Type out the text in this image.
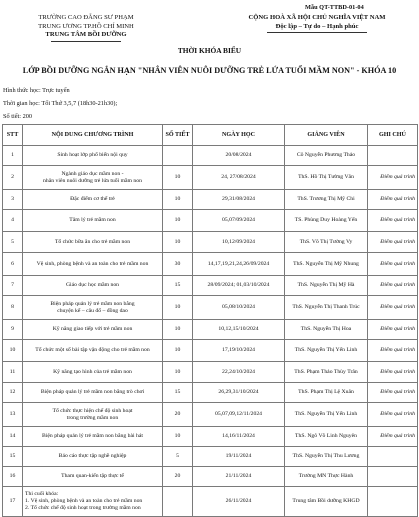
TRƯỜNG CAO ĐẲNG SƯ PHẠM
TRUNG ƯƠNG TP.HỒ CHÍ MINH
TRUNG TÂM BỒI DƯỠNG
Mẫu QT-TTBD-01-04
CỘNG HOÀ XÃ HỘI CHỦ NGHĨA VIỆT NAM
Độc lập – Tự do – Hạnh phúc
THỜI KHÓA BIỂU
LỚP BỒI DƯỠNG NGẮN HẠN "NHÂN VIÊN NUÔI DƯỠNG TRẺ LỨA TUỔI MẦM NON" - KHÓA 10
Hình thức học: Trực tuyến
Thời gian học: Tối Thứ 3,5,7 (18h30-21h30);
Số tiết: 200
STT	NỘI DUNG CHƯƠNG TRÌNH	SỐ TIẾT	NGÀY HỌC	GIẢNG VIÊN	GHI CHÚ
1	Sinh hoạt lớp phổ biến nội quy		20/08/2024	Cô Nguyễn Phương Thảo	

2	Ngành giáo dục mầm non -
nhân viên nuôi dưỡng trẻ lứa tuổi mầm non	10	24, 27/08/2024	ThS. Hồ Thị Tường Vân	Điểm quá trình
3	Đặc điểm cơ thể trẻ	10	29,31/08/2024	ThS. Trương Thị Mỹ Chi	Điểm quá trình
4	Tâm lý trẻ mầm non	10	05,07/09/2024	TS. Phùng Duy Hoàng Yến	Điểm quá trình
5	Tổ chức bữa ăn cho trẻ mầm non	10	10,12/09/2024	ThS. Võ Thị Tường Vy	Điểm quá trình
6	Vệ sinh, phòng bệnh và an toàn cho trẻ mầm non	30	14,17,19,21,24,26/09/2024	ThS. Nguyễn Thị Mỹ Nhung	Điểm quá trình
7	Giáo dục học mầm non	15	28/09/2024; 01,03/10/2024	ThS. Nguyễn Thị Mỹ Hà	Điểm quá trình
8	Biện pháp quản lý trẻ mầm non bằng
chuyện kể – câu đố – đồng dao	10	05,08/10/2024	ThS. Nguyễn Thị Thanh Trúc	Điểm quá trình
9	Kỹ năng giao tiếp với trẻ mầm non	10	10,12,15/10/2024	ThS. Nguyễn Thị Hoa	Điểm quá trình
10	Tổ chức một số bài tập vận động cho trẻ mầm non	10	17,19/10/2024	ThS. Nguyễn Thị Yến Linh	Điểm quá trình
11	Kỹ năng tạo hình của trẻ mầm non	10	22,24/10/2024	ThS. Phạm Thảo Thùy Trân	Điểm quá trình
12	Biện pháp quản lý trẻ mầm non bằng trò chơi	15	26,29,31/10/2024	ThS. Phạm Thị Lệ Xuân	Điểm quá trình
13	Tổ chức thực hiện chế độ sinh hoạt
trong trường mầm non	20	05,07,09,12/11/2024	ThS. Nguyễn Thị Yến Linh	Điểm quá trình
14	Biện pháp quản lý trẻ mầm non bằng bài hát	10	14,16/11/2024	ThS. Ngô Võ Linh Nguyên	Điểm quá trình
15	Báo cáo thực tập nghề nghiệp	5	19/11/2024	ThS. Nguyễn Thị Thu Lương	

16	Tham quan-kiến tập thực tế	20	21/11/2024	Trường MN Thực Hành	

17	Thi cuối khóa:
1. Vệ sinh, phòng bệnh và an toàn cho trẻ mầm non
2. Tổ chức chế độ sinh hoạt trong trường mầm non		26/11/2024	Trung tâm Bồi dưỡng KHGD	
